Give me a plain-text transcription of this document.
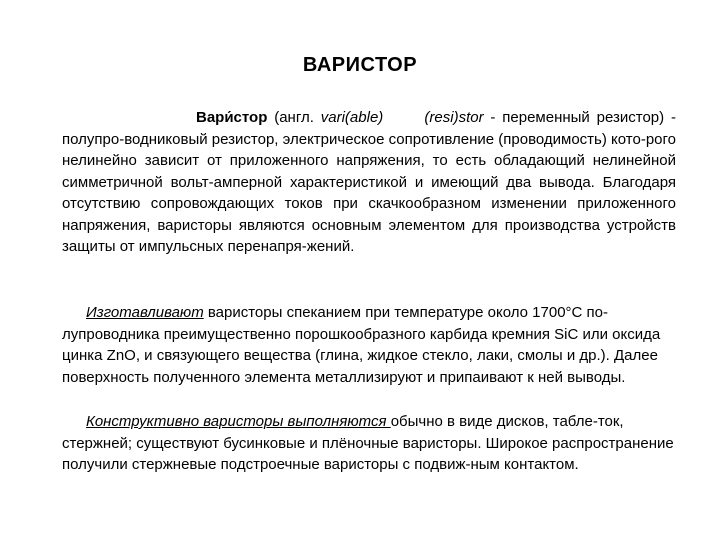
ВАРИСТОР

Вари́стор (англ. vari(able)	(resi)stor - переменный резистор) - полупро-водниковый резистор, электрическое сопротивление (проводимость) кото-рого нелинейно зависит от приложенного напряжения, то есть обладающий нелинейной симметричной вольт-амперной характеристикой и имеющий два вывода. Благодаря отсутствию сопровождающих токов при скачкообразном изменении приложенного напряжения, варисторы являются основным элементом для производства устройств защиты от импульсных перенапря-жений.

Изготавливают варисторы спеканием при температуре около 1700°С по-лупроводника преимущественно порошкообразного карбида кремния SiC или оксида цинка ZnO, и связующего вещества (глина, жидкое стекло, лаки, смолы и др.). Далее поверхность полученного элемента металлизируют и припаивают к ней выводы.

Конструктивно варисторы выполняются обычно в виде дисков, табле-ток, стержней; существуют бусинковые и плёночные варисторы. Широкое распространение получили стержневые подстроечные варисторы с подвиж-ным контактом.
